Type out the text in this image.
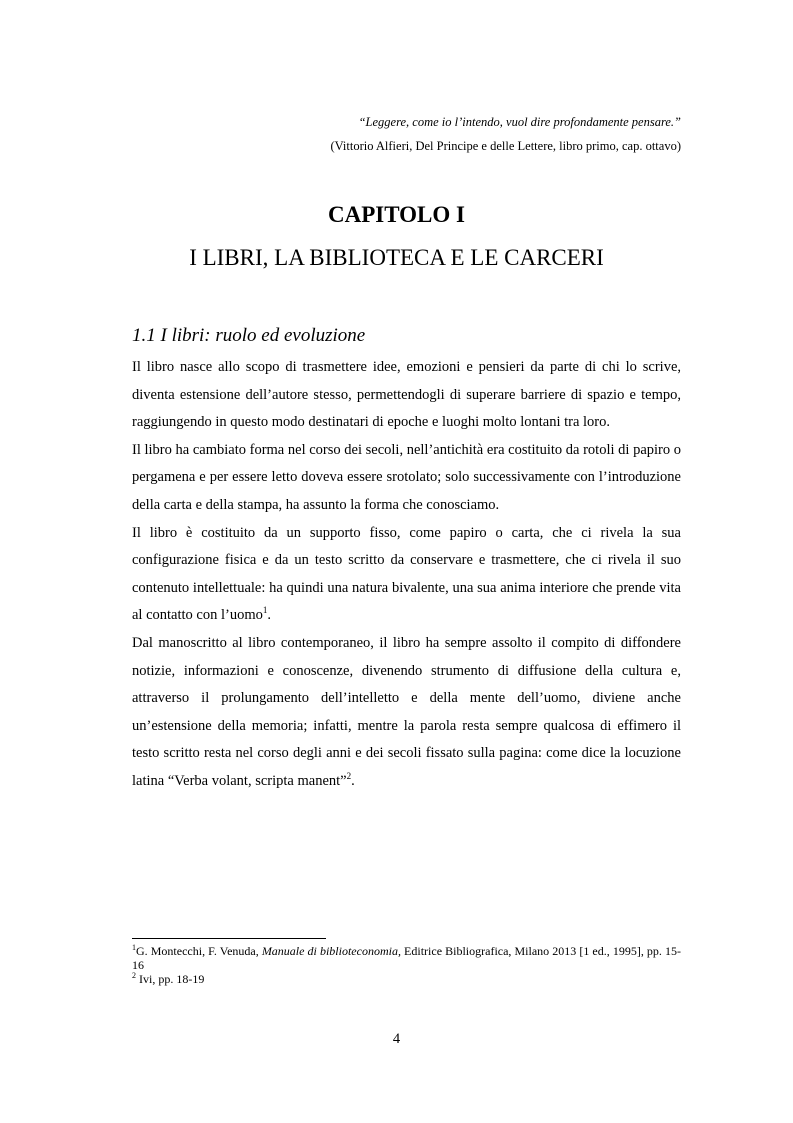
“Leggere, come io l’intendo, vuol dire profondamente pensare.”
(Vittorio Alfieri, Del Principe e delle Lettere, libro primo, cap. ottavo)
CAPITOLO I
I LIBRI, LA BIBLIOTECA E LE CARCERI
1.1 I libri: ruolo ed evoluzione

Il libro nasce allo scopo di trasmettere idee, emozioni e pensieri da parte di chi lo scrive, diventa estensione dell’autore stesso, permettendogli di superare barriere di spazio e tempo, raggiungendo in questo modo destinatari di epoche e luoghi molto lontani tra loro.

Il libro ha cambiato forma nel corso dei secoli, nell’antichità era costituito da rotoli di papiro o pergamena e per essere letto doveva essere srotolato; solo successivamente con l’introduzione della carta e della stampa, ha assunto la forma che conosciamo.

Il libro è costituito da un supporto fisso, come papiro o carta, che ci rivela la sua configurazione fisica e da un testo scritto da conservare e trasmettere, che ci rivela il suo contenuto intellettuale: ha quindi una natura bivalente, una sua anima interiore che prende vita al contatto con l’uomo$^1$.

Dal manoscritto al libro contemporaneo, il libro ha sempre assolto il compito di diffondere notizie, informazioni e conoscenze, divenendo strumento di diffusione della cultura e, attraverso il prolungamento dell’intelletto e della mente dell’uomo, diviene anche un’estensione della memoria; infatti, mentre la parola resta sempre qualcosa di effimero il testo scritto resta nel corso degli anni e dei secoli fissato sulla pagina: come dice la locuzione latina “Verba volant, scripta manent”$^2$.

$^1$G. Montecchi, F. Venuda, Manuale di biblioteconomia, Editrice Bibliografica, Milano 2013 [1 ed., 1995], pp. 15-16

$^2$ Ivi, pp. 18-19

4
